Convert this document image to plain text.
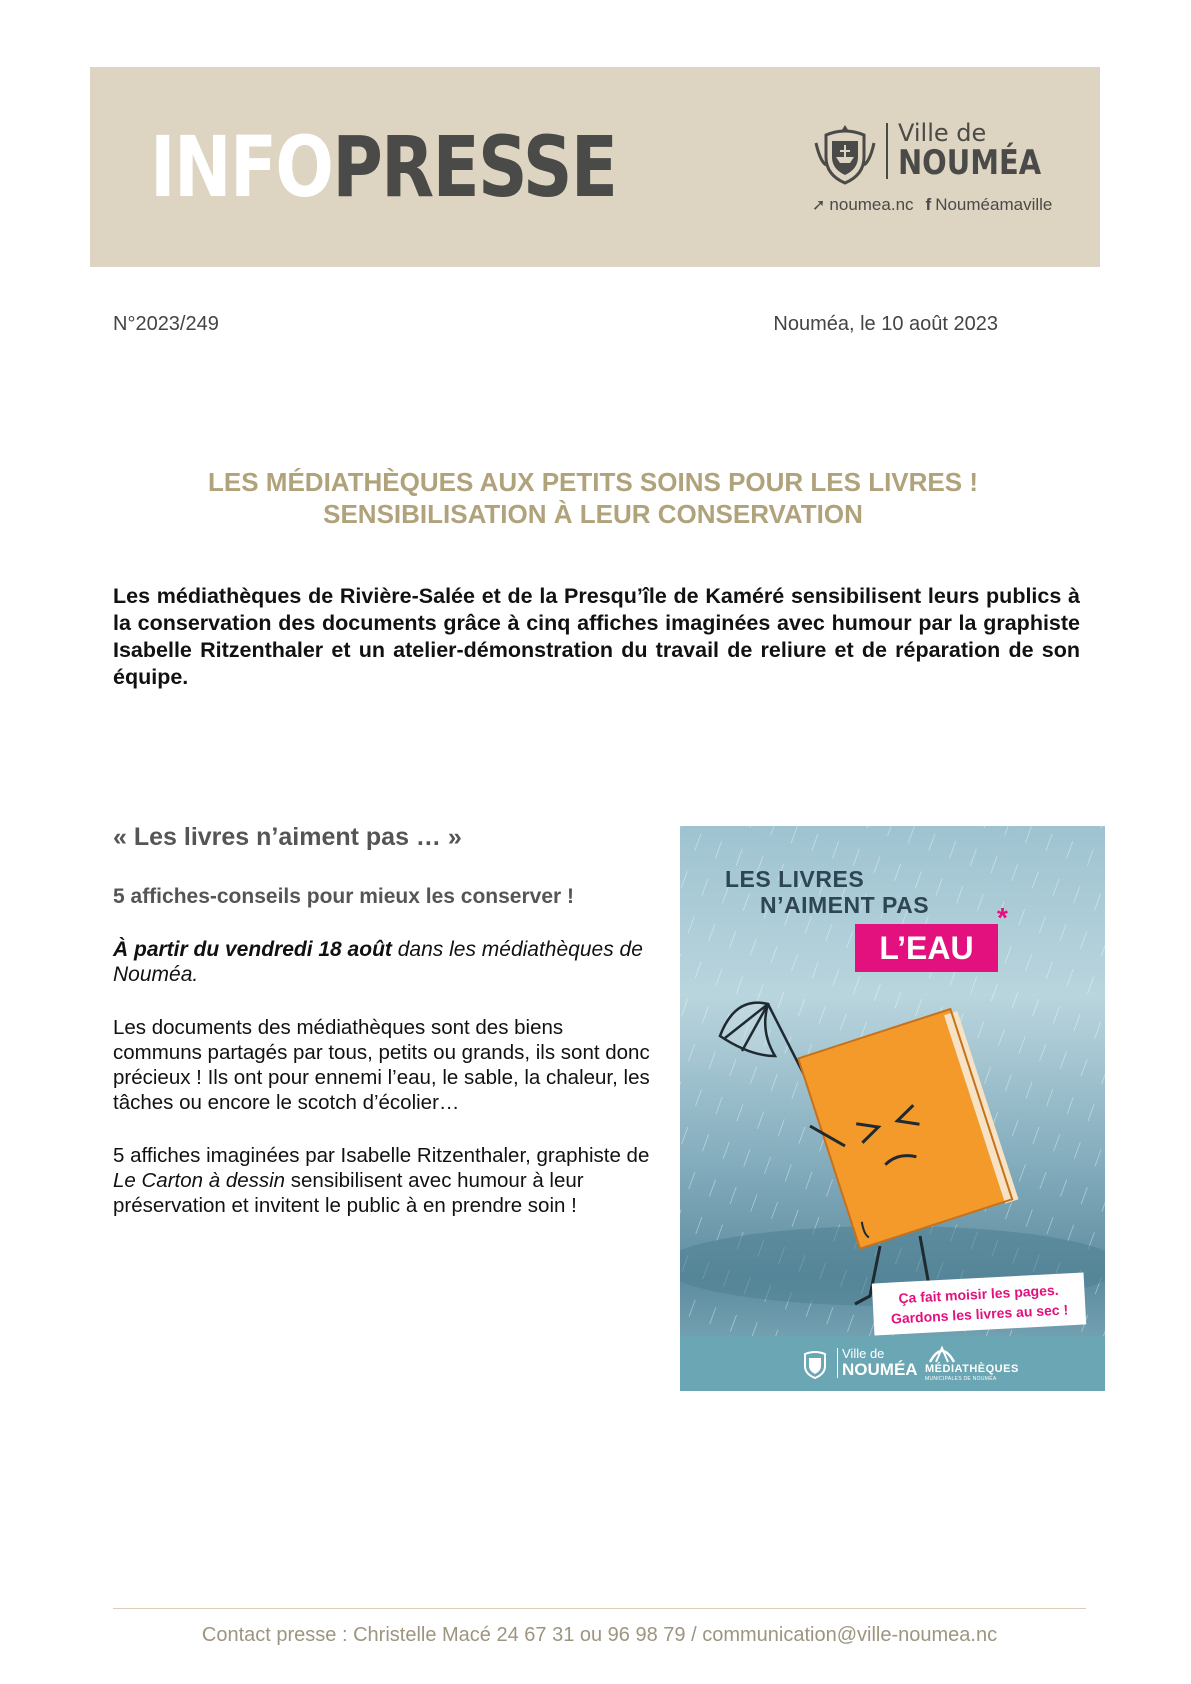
INFOPRESSE	Ville de
NOUMÉA
➚ noumea.nc f Nouméamaville
N°2023/249	Nouméa, le 10 août 2023
LES MÉDIATHÈQUES AUX PETITS SOINS POUR LES LIVRES !
SENSIBILISATION À LEUR CONSERVATION
Les médiathèques de Rivière-Salée et de la Presqu’île de Kaméré sensibilisent leurs publics à la conservation des documents grâce à cinq affiches imaginées avec humour par la graphiste Isabelle Ritzenthaler et un atelier-démonstration du travail de reliure et de réparation de son équipe.
« Les livres n’aiment pas … »
5 affiches-conseils pour mieux les conserver !
À partir du vendredi 18 août dans les médiathèques de Nouméa.
Les documents des médiathèques sont des biens communs partagés par tous, petits ou grands, ils sont donc précieux ! Ils ont pour ennemi l’eau, le sable, la chaleur, les tâches ou encore le scotch d’écolier…
5 affiches imaginées par Isabelle Ritzenthaler, graphiste de Le Carton à dessin sensibilisent avec humour à leur préservation et invitent le public à en prendre soin !
LES LIVRES
N’AIMENT PAS
L’EAU
*
Ça fait moisir les pages.
Gardons les livres au sec !
Ville de
NOUMÉA MÉDIATHÈQUES
MUNICIPALES DE NOUMÉA
Contact presse : Christelle Macé 24 67 31 ou 96 98 79 / communication@ville-noumea.nc
